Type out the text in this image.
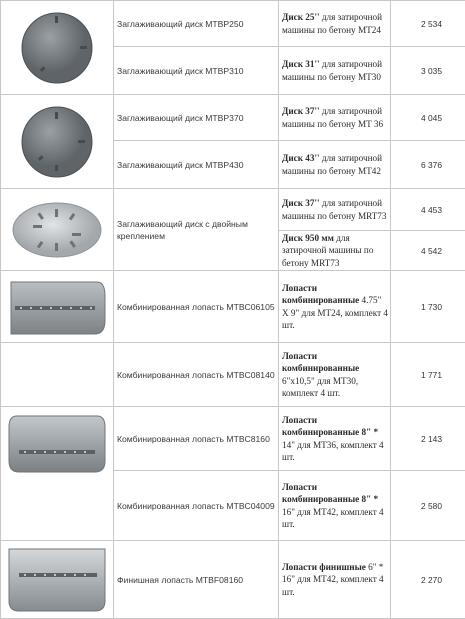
	Заглаживающий диск MTBP250	Диск 25'' для затирочной машины по бетону MT24	2 534
	Заглаживающий диск MTBP310	Диск 31'' для затирочной машины по бетону MT30	3 035

	Заглаживающий диск MTBP370	Диск 37'' для затирочной машины по бетону MT 36	4 045
	Заглаживающий диск MTBP430	Диск 43'' для затирочной машины по бетону MT42	6 376

	Заглаживающий диск с двойным креплением	Диск 37'' для затирочной машины по бетону MRT73	4 453
		Диск 950 мм для затирочной машины по бетону MRT73	4 542

	Комбинированная лопасть MTBC06105	Лопасти комбинированные 4.75" X 9" для MT24, комплект 4 шт.	1 730
	Комбинированная лопасть MTBC08140	Лопасти комбинированные 6"x10,5" для MT30, комплект 4 шт.	1 771

	Комбинированная лопасть MTBC8160	Лопасти комбинированные 8" * 14" для MT36, комплект 4 шт.	2 143
	Комбинированная лопасть MTBC04009	Лопасти комбинированные 8" * 16" для MT42, комплект 4 шт.	2 580

	Финишная лопасть MTBF08160	Лопасти финишные 6" * 16" для MT42, комплект 4 шт.	2 270
